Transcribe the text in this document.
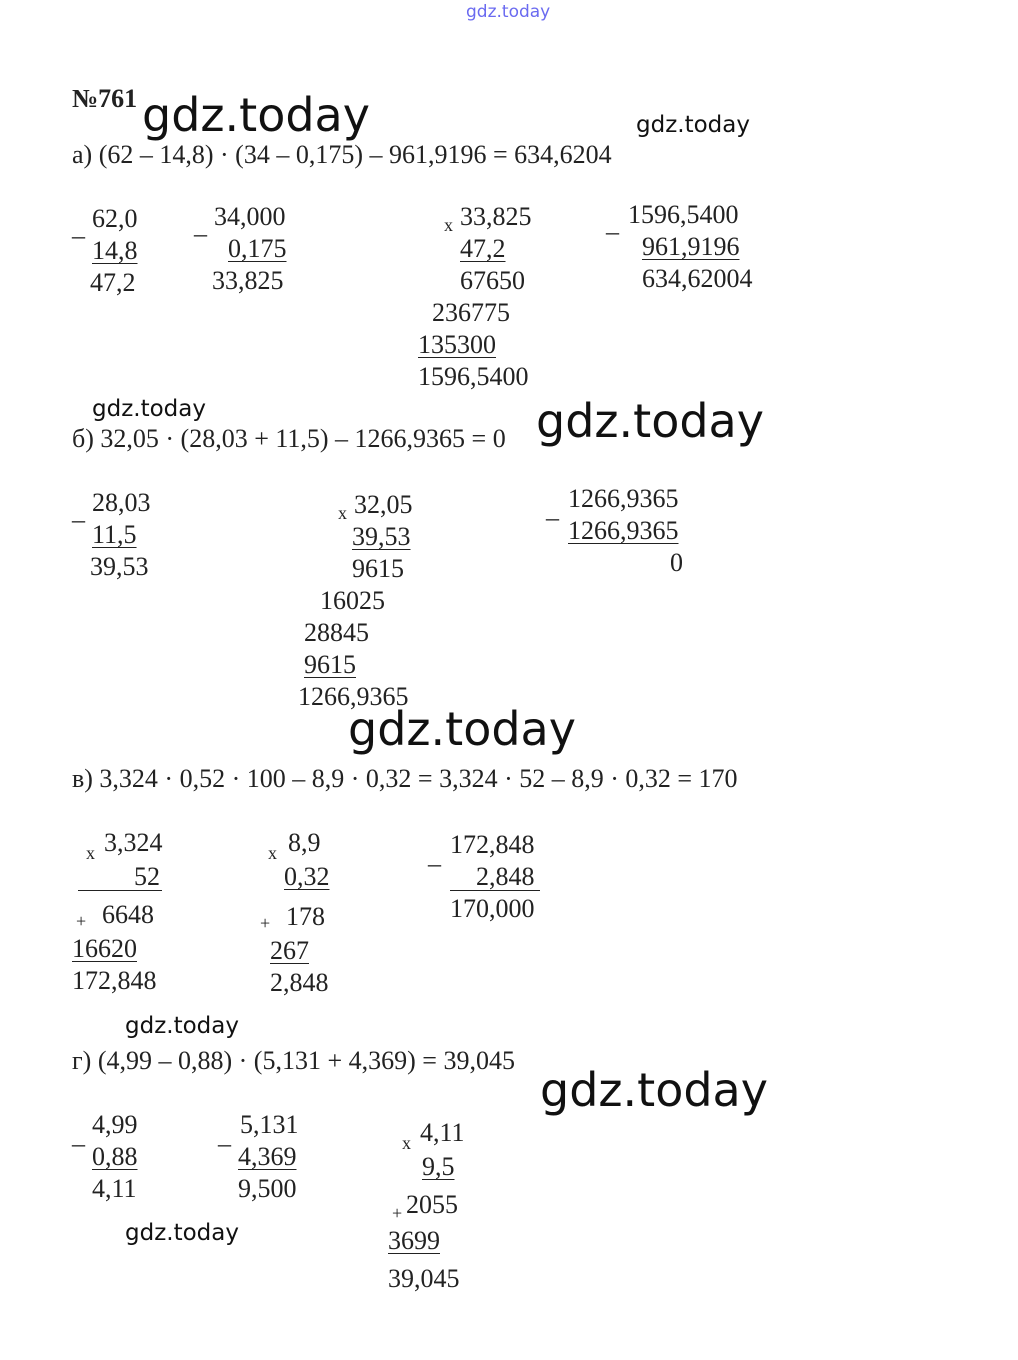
gdz.today
gdz.today	gdz.today
gdz.today	gdz.today
gdz.today
gdz.today
gdz.today
gdz.today
№761
а) (62 – 14,8) · (34 – 0,175) – 961,9196 = 634,6204
_ 62,0
14,8
47,2
_ 34,000
0,175
33,825
x 33,825
47,2
67650
236775
135300
1596,5400
_ 1596,5400
961,9196
634,62004
б) 32,05 · (28,03 + 11,5) – 1266,9365 = 0
_ 28,03
11,5
39,53
x 32,05
39,53
9615
16025
28845
9615
1266,9365
_ 1266,9365
1266,9365
0
в) 3,324 · 0,52 · 100 – 8,9 · 0,32 = 3,324 · 52 – 8,9 · 0,32 = 170
x 3,324
52
+ 6648
16620
172,848
x 8,9
0,32
+ 178
267
2,848
_ 172,848
2,848
170,000
г) (4,99 – 0,88) · (5,131 + 4,369) = 39,045
_ 4,99
0,88
4,11
_ 5,131
4,369
9,500
x 4,11
9,5
+ 2055
3699
39,045
